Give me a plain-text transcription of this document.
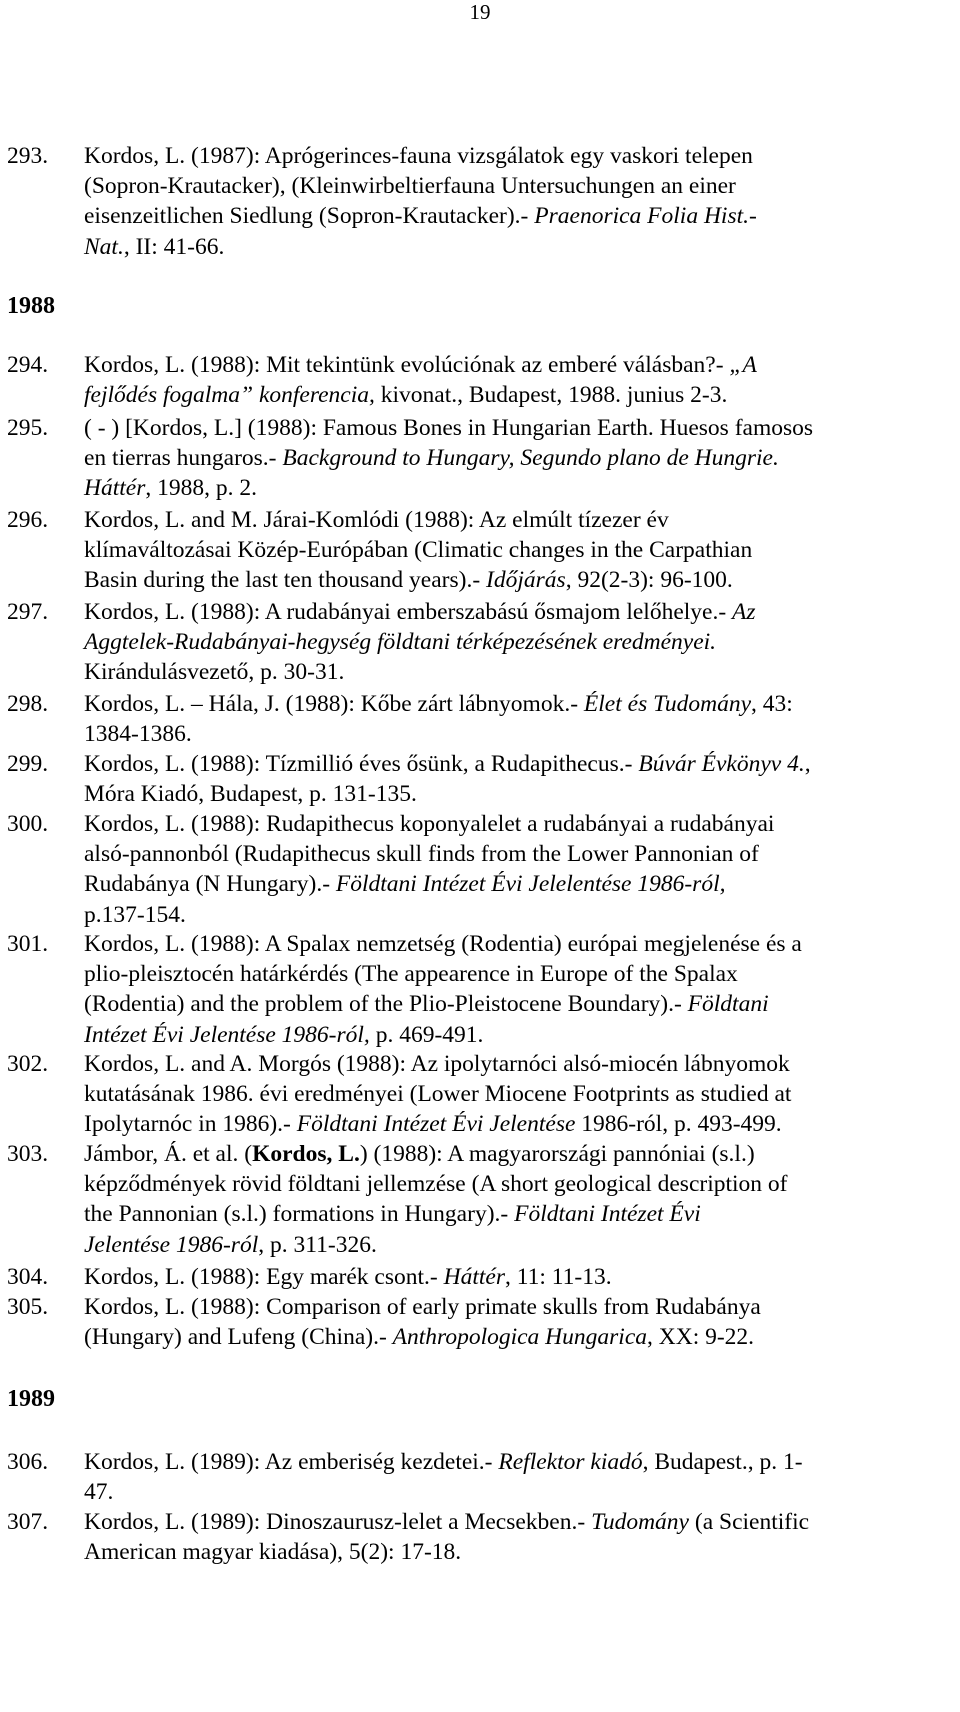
19
1988
1989
293. Kordos, L. (1987): Aprógerinces-fauna vizsgálatok egy vaskori telepen
(Sopron-Krautacker), (Kleinwirbeltierfauna Untersuchungen an einer
eisenzeitlichen Siedlung (Sopron-Krautacker).- Praenorica Folia Hist.-
Nat., II: 41-66.
294. Kordos, L. (1988): Mit tekintünk evolúciónak az emberé válásban?- „A
fejlődés fogalma” konferencia, kivonat., Budapest, 1988. junius 2-3.
295. ( - ) [Kordos, L.] (1988): Famous Bones in Hungarian Earth. Huesos famosos
en tierras hungaros.- Background to Hungary, Segundo plano de Hungrie.
Háttér, 1988, p. 2.
296. Kordos, L. and M. Járai-Komlódi (1988): Az elmúlt tízezer év
klímaváltozásai Közép-Európában (Climatic changes in the Carpathian
Basin during the last ten thousand years).- Időjárás, 92(2-3): 96-100.
297. Kordos, L. (1988): A rudabányai emberszabású ősmajom lelőhelye.- Az
Aggtelek-Rudabányai-hegység földtani térképezésének eredményei.
Kirándulásvezető, p. 30-31.
298. Kordos, L. – Hála, J. (1988): Kőbe zárt lábnyomok.- Élet és Tudomány, 43:
1384-1386.
299. Kordos, L. (1988): Tízmillió éves ősünk, a Rudapithecus.- Búvár Évkönyv 4.,
Móra Kiadó, Budapest, p. 131-135.
300. Kordos, L. (1988): Rudapithecus koponyalelet a rudabányai a rudabányai
alsó-pannonból (Rudapithecus skull finds from the Lower Pannonian of
Rudabánya (N Hungary).- Földtani Intézet Évi Jelelentése 1986-ról,
p.137-154.
301. Kordos, L. (1988): A Spalax nemzetség (Rodentia) európai megjelenése és a
plio-pleisztocén határkérdés (The appearence in Europe of the Spalax
(Rodentia) and the problem of the Plio-Pleistocene Boundary).- Földtani
Intézet Évi Jelentése 1986-ról, p. 469-491.
302. Kordos, L. and A. Morgós (1988): Az ipolytarnóci alsó-miocén lábnyomok
kutatásának 1986. évi eredményei (Lower Miocene Footprints as studied at
Ipolytarnóc in 1986).- Földtani Intézet Évi Jelentése 1986-ról, p. 493-499.
303. Jámbor, Á. et al. (Kordos, L.) (1988): A magyarországi pannóniai (s.l.)
képződmények rövid földtani jellemzése (A short geological description of
the Pannonian (s.l.) formations in Hungary).- Földtani Intézet Évi
Jelentése 1986-ról, p. 311-326.
304. Kordos, L. (1988): Egy marék csont.- Háttér, 11: 11-13.
305. Kordos, L. (1988): Comparison of early primate skulls from Rudabánya
(Hungary) and Lufeng (China).- Anthropologica Hungarica, XX: 9-22.
306. Kordos, L. (1989): Az emberiség kezdetei.- Reflektor kiadó, Budapest., p. 1-
47.
307. Kordos, L. (1989): Dinoszaurusz-lelet a Mecsekben.- Tudomány (a Scientific
American magyar kiadása), 5(2): 17-18.
